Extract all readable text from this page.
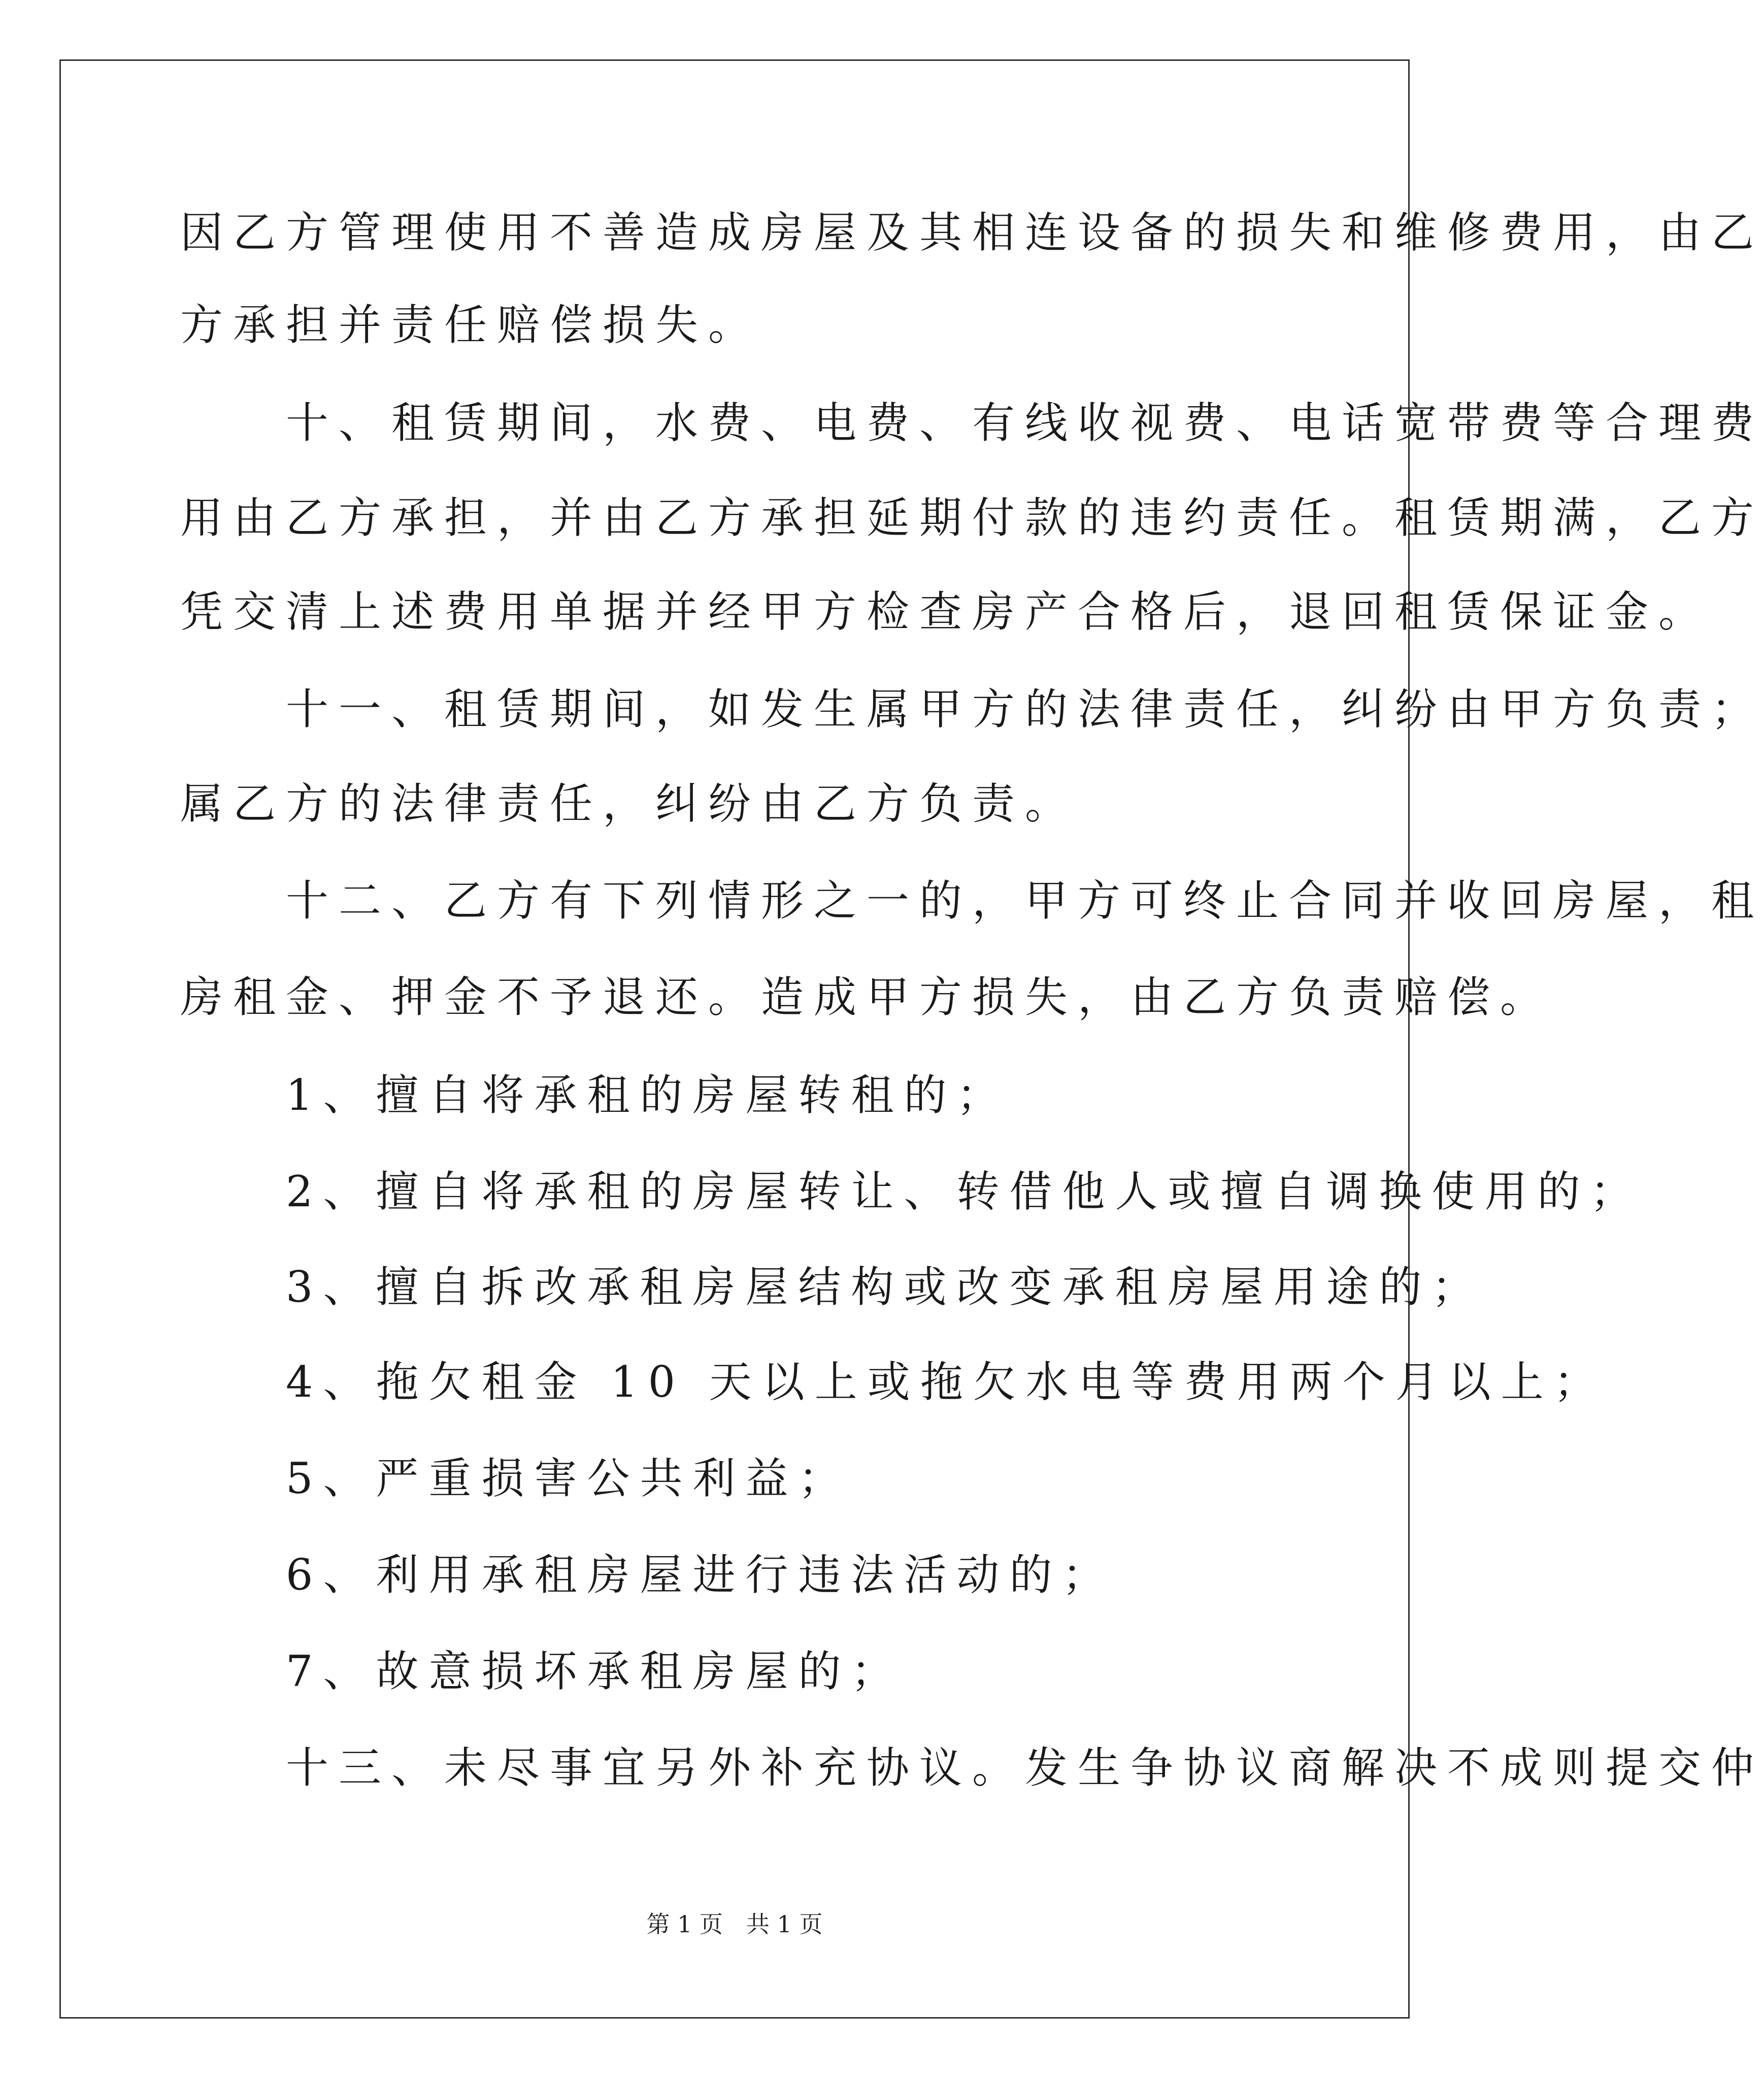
因乙方管理使用不善造成房屋及其相连设备的损失和维修费用，由乙
方承担并责任赔偿损失。
　　十、租赁期间，水费、电费、有线收视费、电话宽带费等合理费
用由乙方承担，并由乙方承担延期付款的违约责任。租赁期满，乙方
凭交清上述费用单据并经甲方检查房产合格后，退回租赁保证金。
　　十一、租赁期间，如发生属甲方的法律责任，纠纷由甲方负责；
属乙方的法律责任，纠纷由乙方负责。
　　十二、乙方有下列情形之一的，甲方可终止合同并收回房屋，租
房租金、押金不予退还。造成甲方损失，由乙方负责赔偿。
　　1、擅自将承租的房屋转租的；
　　2、擅自将承租的房屋转让、转借他人或擅自调换使用的；
　　3、擅自拆改承租房屋结构或改变承租房屋用途的；
　　4、拖欠租金 10 天以上或拖欠水电等费用两个月以上；
　　5、严重损害公共利益；
　　6、利用承租房屋进行违法活动的；
　　7、故意损坏承租房屋的；
　　十三、未尽事宜另外补充协议。发生争协议商解决不成则提交仲
第 1 页　共 1 页
